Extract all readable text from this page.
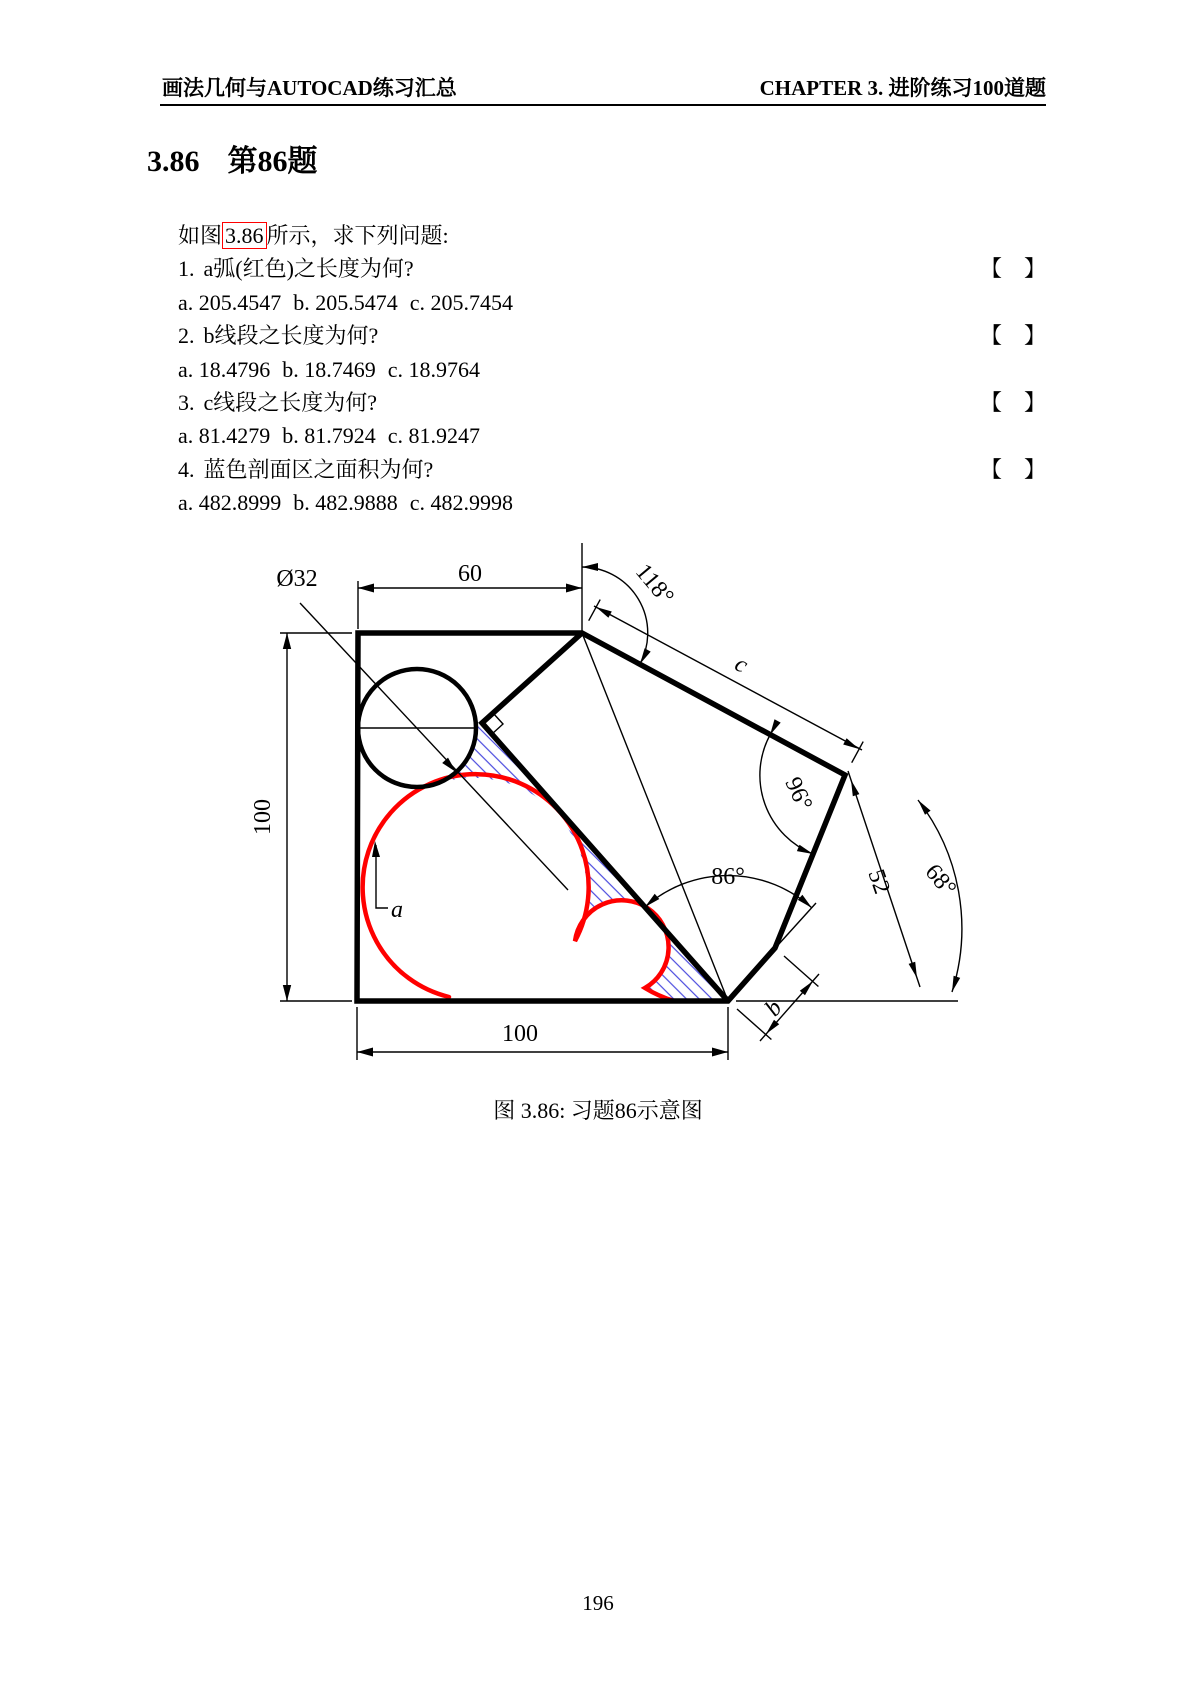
画法几何与AUTOCAD练习汇总	CHAPTER 3. 进阶练习100道题
3.86 第86题
如图 3.86 所示，求下列问题:
1. a弧(红色)之长度为何?	【　】
a. 205.4547 b. 205.5474 c. 205.7454
2. b线段之长度为何?	【　】
a. 18.4796 b. 18.7469 c. 18.9764
3. c线段之长度为何?	【　】
a. 81.4279 b. 81.7924 c. 81.9247
4. 蓝色剖面区之面积为何?	【　】
a. 482.8999 b. 482.9888 c. 482.9998
Ø32	60	118°
c
100
96°
86°	52 68°
a
b
100
图 3.86: 习题86示意图
196
